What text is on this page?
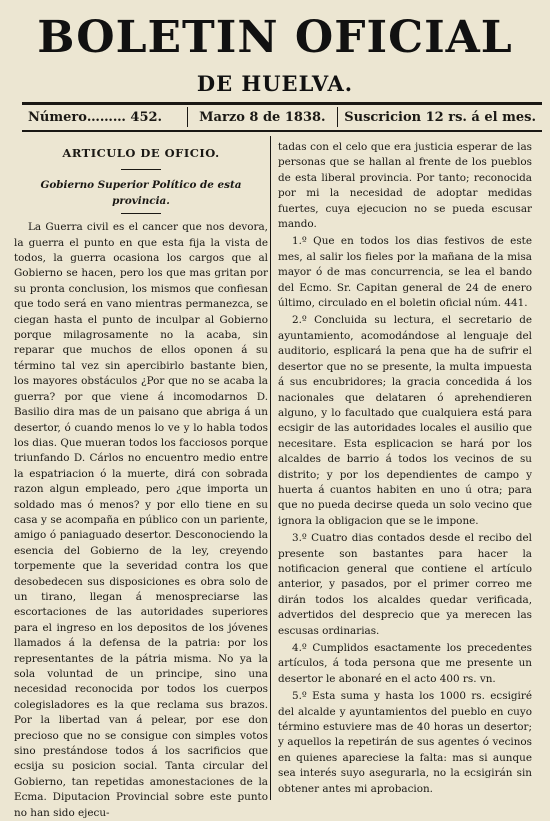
BOLETIN OFICIAL
DE HUELVA.
Número……… 452.	Marzo 8 de 1838.	Suscricion 12 rs. á el mes.
ARTICULO DE OFICIO.
Gobierno Superior Político de esta provincia.

La Guerra civil es el cancer que nos devora, la guerra el punto en que esta fija la vista de todos, la guerra ocasiona los cargos que al Gobierno se hacen, pero los que mas gritan por su pronta conclusion, los mismos que confiesan que todo será en vano mientras permanezca, se ciegan hasta el punto de inculpar al Gobierno porque milagrosamente no la acaba, sin reparar que muchos de ellos oponen á su término tal vez sin apercibirlo bastante bien, los mayores obstáculos ¿Por que no se acaba la guerra? por que viene á incomodarnos D. Basilio dira mas de un paisano que abriga á un desertor, ó cuando menos lo ve y lo habla todos los dias. Que mueran todos los facciosos porque triunfando D. Cárlos no encuentro medio entre la espatriacion ó la muerte, dirá con sobrada razon algun empleado, pero ¿que importa un soldado mas ó menos? y por ello tiene en su casa y se acompaña en público con un pariente, amigo ó paniaguado desertor. Desconociendo la esencia del Gobierno de la ley, creyendo torpemente que la severidad contra los que desobedecen sus disposiciones es obra solo de un tirano, llegan á menospreciarse las escortaciones de las autoridades superiores para el ingreso en los depositos de los jóvenes llamados á la defensa de la patria: por los representantes de la pátria misma. No ya la sola voluntad de un principe, sino una necesidad reconocida por todos los cuerpos colegisladores es la que reclama sus brazos. Por la libertad van á pelear, por ese don precioso que no se consigue con simples votos sino prestándose todos á los sacrificios que ecsija su posicion social. Tanta circular del Gobierno, tan repetidas amonestaciones de la Ecma. Diputacion Provincial sobre este punto no han sido ejecu-

tadas con el celo que era justicia esperar de las personas que se hallan al frente de los pueblos de esta liberal provincia. Por tanto; reconocida por mi la necesidad de adoptar medidas fuertes, cuya ejecucion no se pueda escusar mando.

1.º Que en todos los dias festivos de este mes, al salir los fieles por la mañana de la misa mayor ó de mas concurrencia, se lea el bando del Ecmo. Sr. Capitan general de 24 de enero último, circulado en el boletin oficial núm. 441.

2.º Concluida su lectura, el secretario de ayuntamiento, acomodándose al lenguaje del auditorio, esplicará la pena que ha de sufrir el desertor que no se presente, la multa impuesta á sus encubridores; la gracia concedida á los nacionales que delataren ó aprehendieren alguno, y lo facultado que cualquiera está para ecsigir de las autoridades locales el ausilio que necesitare. Esta esplicacion se hará por los alcaldes de barrio á todos los vecinos de su distrito; y por los dependientes de campo y huerta á cuantos habiten en uno ú otra; para que no pueda decirse queda un solo vecino que ignora la obligacion que se le impone.

3.º Cuatro dias contados desde el recibo del presente son bastantes para hacer la notificacion general que contiene el artículo anterior, y pasados, por el primer correo me dirán todos los alcaldes quedar verificada, advertidos del desprecio que ya merecen las escusas ordinarias.

4.º Cumplidos esactamente los precedentes artículos, á toda persona que me presente un desertor le abonaré en el acto 400 rs. vn.

5.º Esta suma y hasta los 1000 rs. ecsigiré del alcalde y ayuntamientos del pueblo en cuyo término estuviere mas de 40 horas un desertor; y aquellos la repetirán de sus agentes ó vecinos en quienes apareciese la falta: mas si aunque sea interés suyo asegurarla, no la ecsigirán sin obtener antes mi aprobacion.
